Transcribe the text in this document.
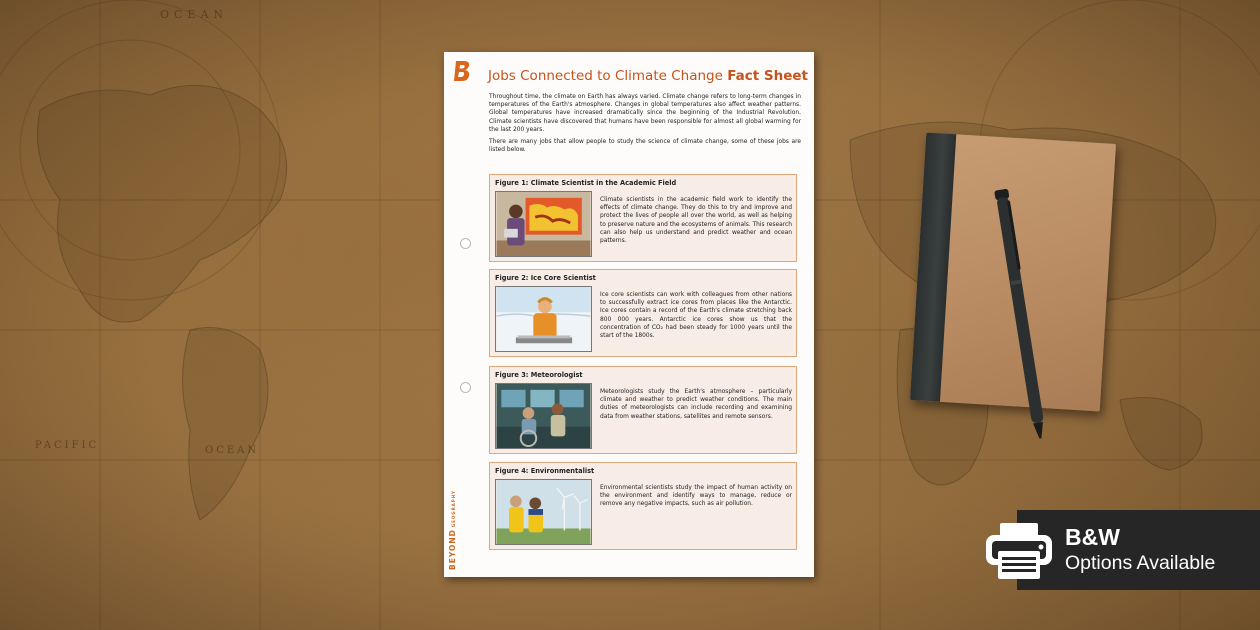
OCEAN
PACIFIC	OCEAN
BEYONDGEOGRAPHY
Jobs Connected to Climate Change Fact Sheet

Throughout time, the climate on Earth has always varied. Climate change refers to long-term changes in temperatures of the Earth's atmosphere. Changes in global temperatures also affect weather patterns. Global temperatures have increased dramatically since the beginning of the Industrial Revolution. Climate scientists have discovered that humans have been responsible for almost all global warming for the last 200 years.

There are many jobs that allow people to study the science of climate change, some of these jobs are listed below.

Figure 1: Climate Scientist in the Academic Field
Climate scientists in the academic field work to identify the effects of climate change. They do this to try and improve and protect the lives of people all over the world, as well as helping to preserve nature and the ecosystems of animals. This research can also help us understand and predict weather and ocean patterns.
Figure 2: Ice Core Scientist
Ice core scientists can work with colleagues from other nations to successfully extract ice cores from places like the Antarctic. Ice cores contain a record of the Earth's climate stretching back 800 000 years. Antarctic ice cores show us that the concentration of CO₂ had been steady for 1000 years until the start of the 1800s.
Figure 3: Meteorologist
Meteorologists study the Earth's atmosphere – particularly climate and weather to predict weather conditions. The main duties of meteorologists can include recording and examining data from weather stations, satellites and remote sensors.
Figure 4: Environmentalist
Environmental scientists study the impact of human activity on the environment and identify ways to manage, reduce or remove any negative impacts, such as air pollution.
B&W
Options Available
